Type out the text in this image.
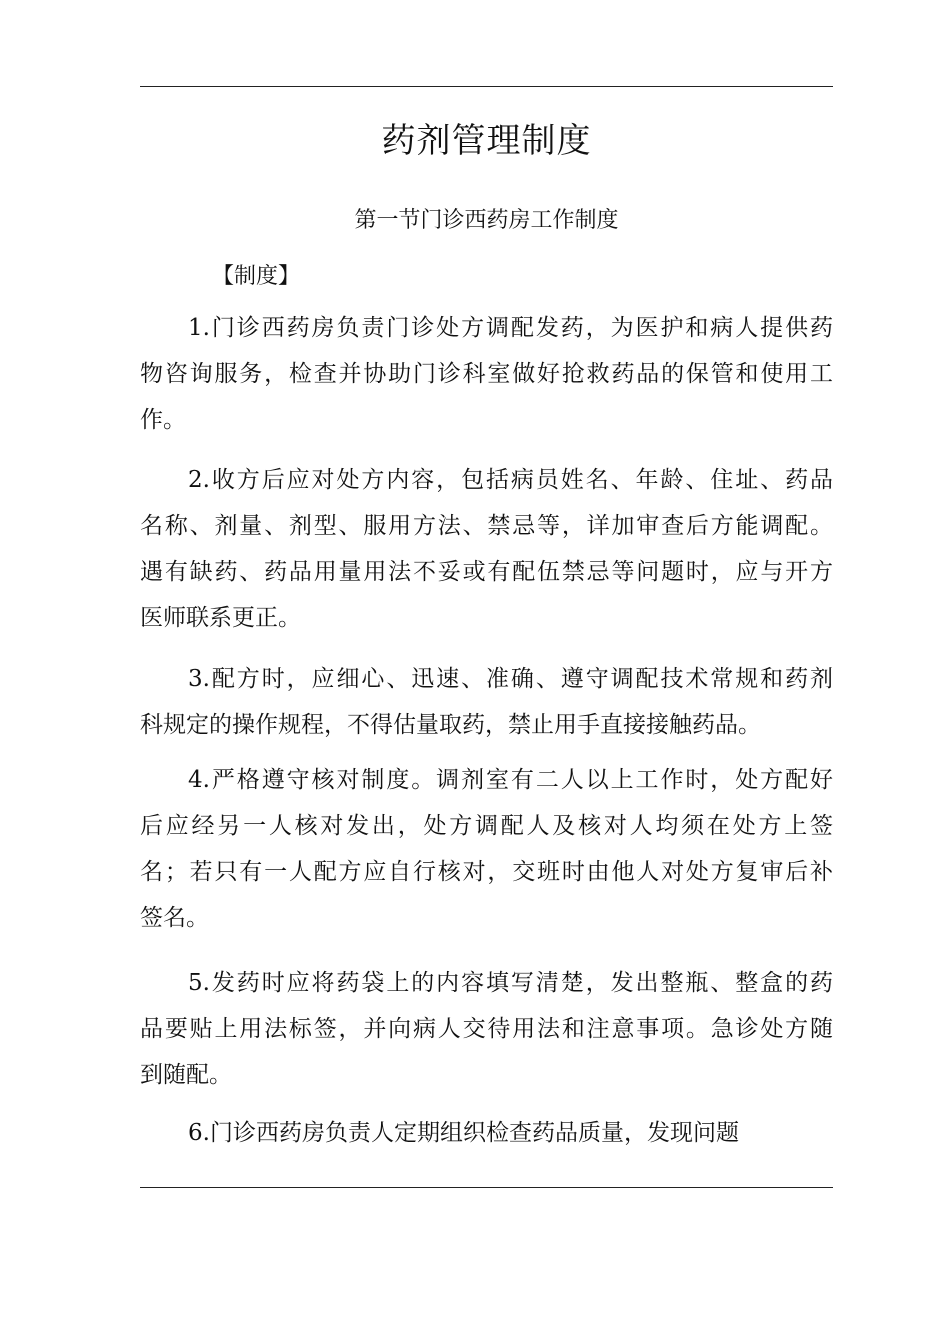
药剂管理制度
第一节门诊西药房工作制度
【制度】
1.门诊西药房负责门诊处方调配发药，为医护和病人提供药
物咨询服务，检查并协助门诊科室做好抢救药品的保管和使用工
作。
2.收方后应对处方内容，包括病员姓名、年龄、住址、药品
名称、剂量、剂型、服用方法、禁忌等，详加审查后方能调配。
遇有缺药、药品用量用法不妥或有配伍禁忌等问题时，应与开方
医师联系更正。
3.配方时，应细心、迅速、准确、遵守调配技术常规和药剂
科规定的操作规程，不得估量取药，禁止用手直接接触药品。
4.严格遵守核对制度。调剂室有二人以上工作时，处方配好
后应经另一人核对发出，处方调配人及核对人均须在处方上签
名；若只有一人配方应自行核对，交班时由他人对处方复审后补
签名。
5.发药时应将药袋上的内容填写清楚，发出整瓶、整盒的药
品要贴上用法标签，并向病人交待用法和注意事项。急诊处方随
到随配。
6.门诊西药房负责人定期组织检查药品质量，发现问题
